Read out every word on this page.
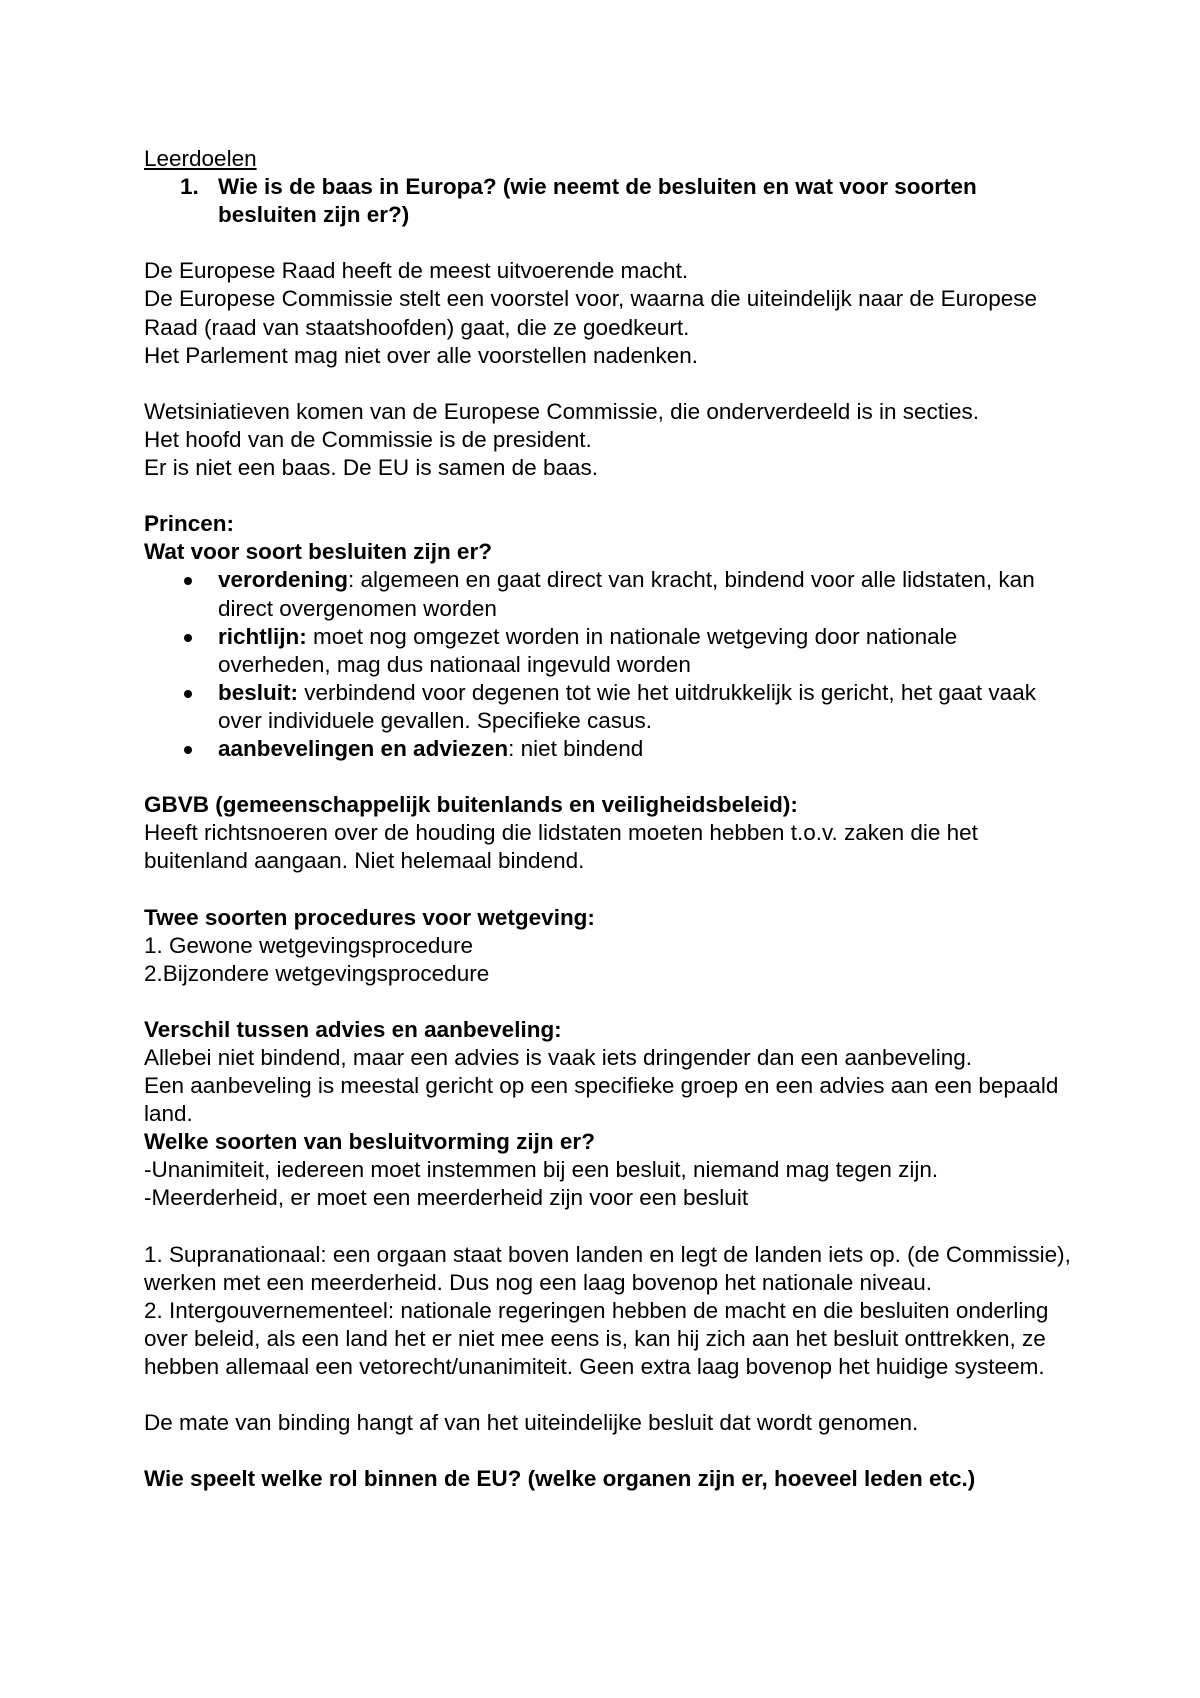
Leerdoelen

1. Wie is de baas in Europa? (wie neemt de besluiten en wat voor soorten besluiten zijn er?)

De Europese Raad heeft de meest uitvoerende macht.

De Europese Commissie stelt een voorstel voor, waarna die uiteindelijk naar de Europese Raad (raad van staatshoofden) gaat, die ze goedkeurt.

Het Parlement mag niet over alle voorstellen nadenken.

Wetsiniatieven komen van de Europese Commissie, die onderverdeeld is in secties.

Het hoofd van de Commissie is de president.

Er is niet een baas. De EU is samen de baas.

Princen:

Wat voor soort besluiten zijn er?

verordening: algemeen en gaat direct van kracht, bindend voor alle lidstaten, kan direct overgenomen worden
richtlijn: moet nog omgezet worden in nationale wetgeving door nationale overheden, mag dus nationaal ingevuld worden
besluit: verbindend voor degenen tot wie het uitdrukkelijk is gericht, het gaat vaak over individuele gevallen. Specifieke casus.
aanbevelingen en adviezen: niet bindend

GBVB (gemeenschappelijk buitenlands en veiligheidsbeleid):

Heeft richtsnoeren over de houding die lidstaten moeten hebben t.o.v. zaken die het buitenland aangaan. Niet helemaal bindend.

Twee soorten procedures voor wetgeving:

1. Gewone wetgevingsprocedure

2.Bijzondere wetgevingsprocedure

Verschil tussen advies en aanbeveling:

Allebei niet bindend, maar een advies is vaak iets dringender dan een aanbeveling.

Een aanbeveling is meestal gericht op een specifieke groep en een advies aan een bepaald land.

Welke soorten van besluitvorming zijn er?

-Unanimiteit, iedereen moet instemmen bij een besluit, niemand mag tegen zijn.

-Meerderheid, er moet een meerderheid zijn voor een besluit

1. Supranationaal: een orgaan staat boven landen en legt de landen iets op. (de Commissie), werken met een meerderheid. Dus nog een laag bovenop het nationale niveau.

2. Intergouvernementeel: nationale regeringen hebben de macht en die besluiten onderling over beleid, als een land het er niet mee eens is, kan hij zich aan het besluit onttrekken, ze hebben allemaal een vetorecht/unanimiteit. Geen extra laag bovenop het huidige systeem.

De mate van binding hangt af van het uiteindelijke besluit dat wordt genomen.

Wie speelt welke rol binnen de EU? (welke organen zijn er, hoeveel leden etc.)
